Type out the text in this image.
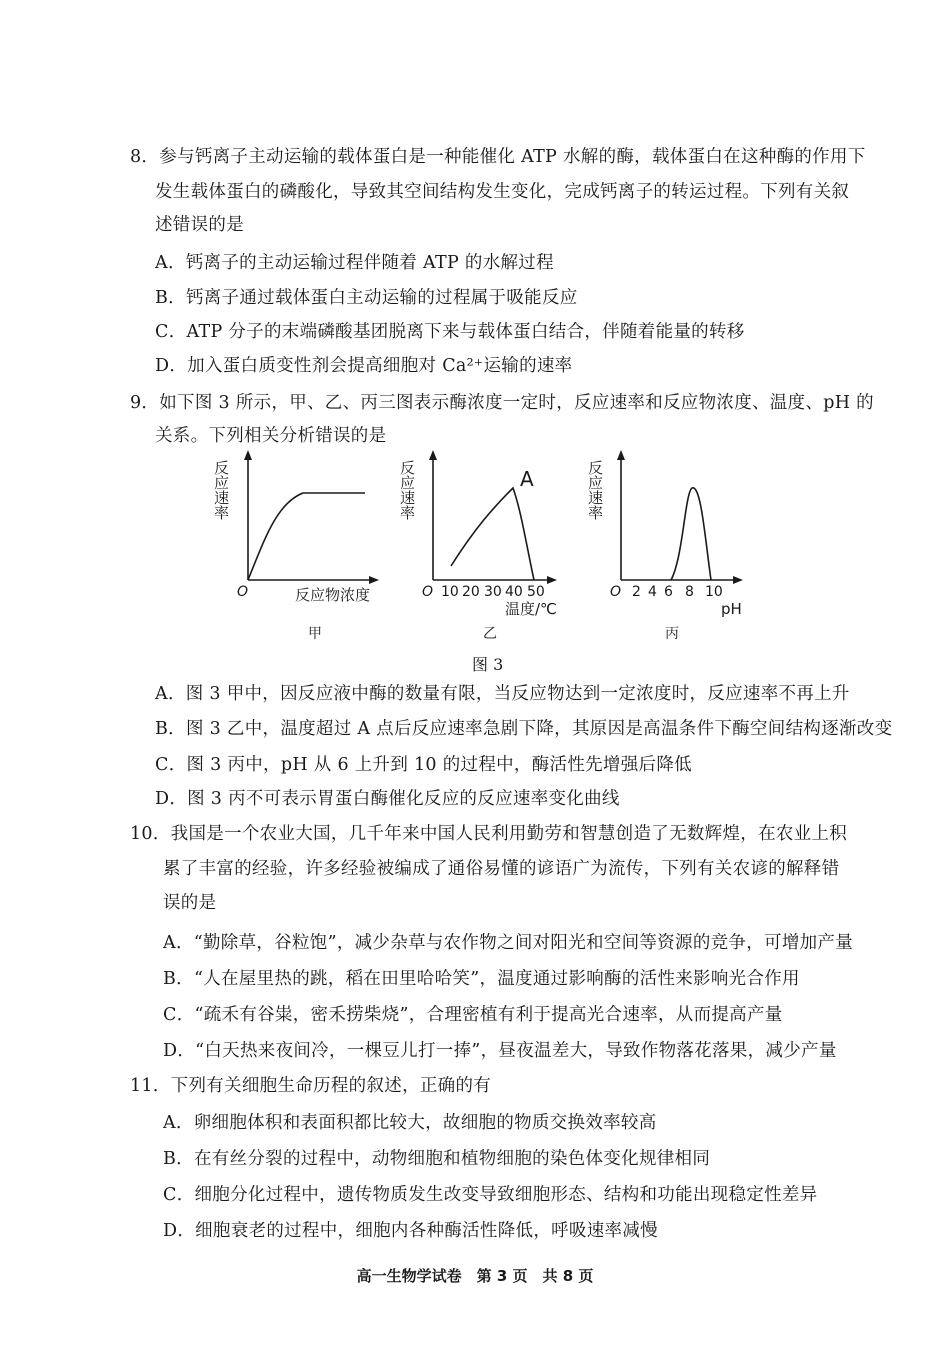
8．参与钙离子主动运输的载体蛋白是一种能催化 ATP 水解的酶，载体蛋白在这种酶的作用下
发生载体蛋白的磷酸化，导致其空间结构发生变化，完成钙离子的转运过程。下列有关叙
述错误的是
A．钙离子的主动运输过程伴随着 ATP 的水解过程
B．钙离子通过载体蛋白主动运输的过程属于吸能反应
C．ATP 分子的末端磷酸基团脱离下来与载体蛋白结合，伴随着能量的转移
D．加入蛋白质变性剂会提高细胞对 Ca²⁺运输的速率
9．如下图 3 所示，甲、乙、丙三图表示酶浓度一定时，反应速率和反应物浓度、温度、pH 的
关系。下列相关分析错误的是
反应速率
O	反应物浓度
甲
反应速率	A
O 10 20 30 40 50
温度/℃
乙
反应速率
O 2 4 6 8 10
pH
丙
图 3
A．图 3 甲中，因反应液中酶的数量有限，当反应物达到一定浓度时，反应速率不再上升
B．图 3 乙中，温度超过 A 点后反应速率急剧下降，其原因是高温条件下酶空间结构逐渐改变
C．图 3 丙中，pH 从 6 上升到 10 的过程中，酶活性先增强后降低
D．图 3 丙不可表示胃蛋白酶催化反应的反应速率变化曲线
10．我国是一个农业大国，几千年来中国人民利用勤劳和智慧创造了无数辉煌，在农业上积
累了丰富的经验，许多经验被编成了通俗易懂的谚语广为流传，下列有关农谚的解释错
误的是
A．“勤除草，谷粒饱”，减少杂草与农作物之间对阳光和空间等资源的竞争，可增加产量
B．“人在屋里热的跳，稻在田里哈哈笑”，温度通过影响酶的活性来影响光合作用
C．“疏禾有谷粜，密禾捞柴烧”，合理密植有利于提高光合速率，从而提高产量
D．“白天热来夜间冷，一棵豆儿打一捧”，昼夜温差大，导致作物落花落果，减少产量
11．下列有关细胞生命历程的叙述，正确的有
A．卵细胞体积和表面积都比较大，故细胞的物质交换效率较高
B．在有丝分裂的过程中，动物细胞和植物细胞的染色体变化规律相同
C．细胞分化过程中，遗传物质发生改变导致细胞形态、结构和功能出现稳定性差异
D．细胞衰老的过程中，细胞内各种酶活性降低，呼吸速率减慢
高一生物学试卷　第 3 页　共 8 页
